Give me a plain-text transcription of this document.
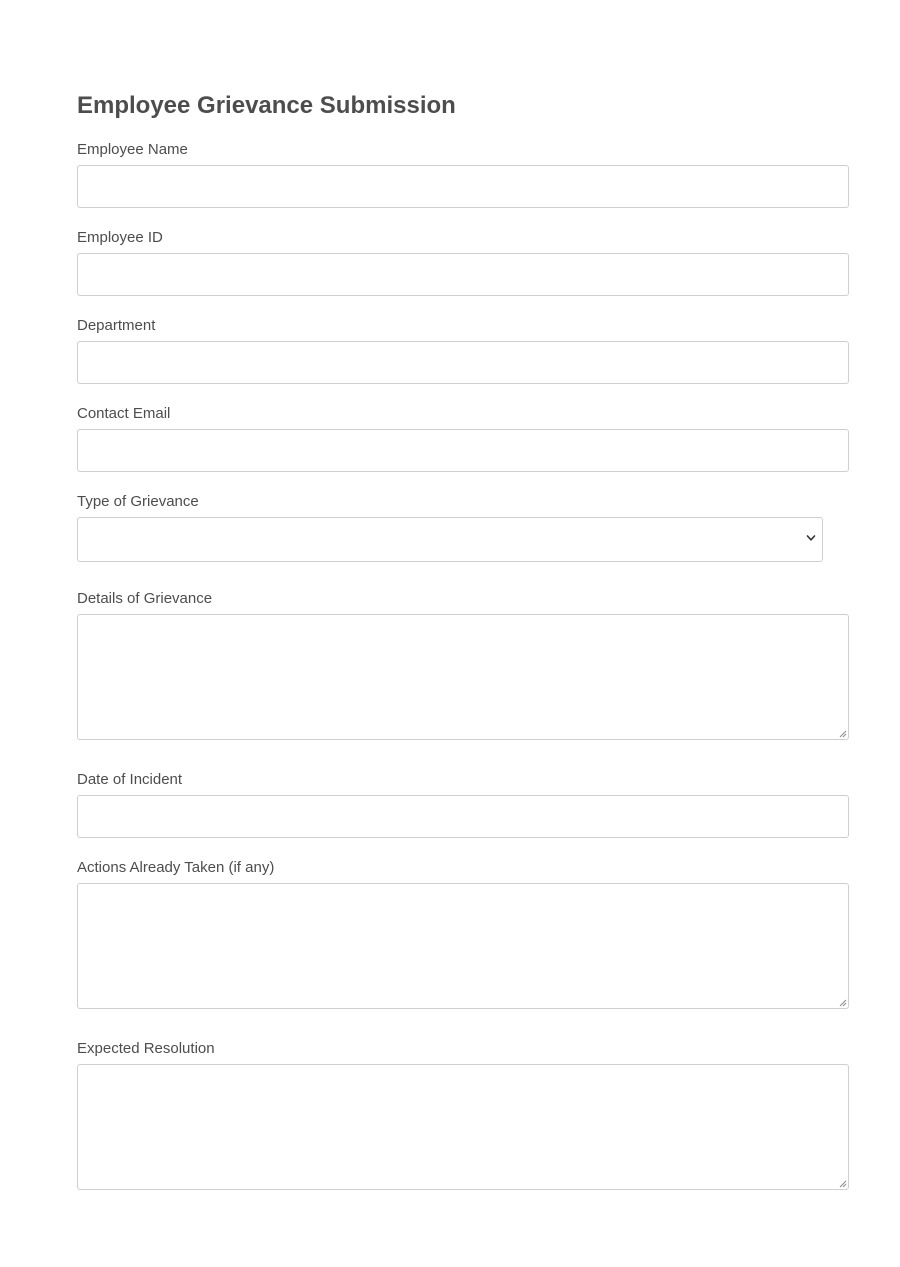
Employee Grievance Submission
Employee Name
Employee ID
Department
Contact Email
Type of Grievance
Details of Grievance
Date of Incident
Actions Already Taken (if any)
Expected Resolution
